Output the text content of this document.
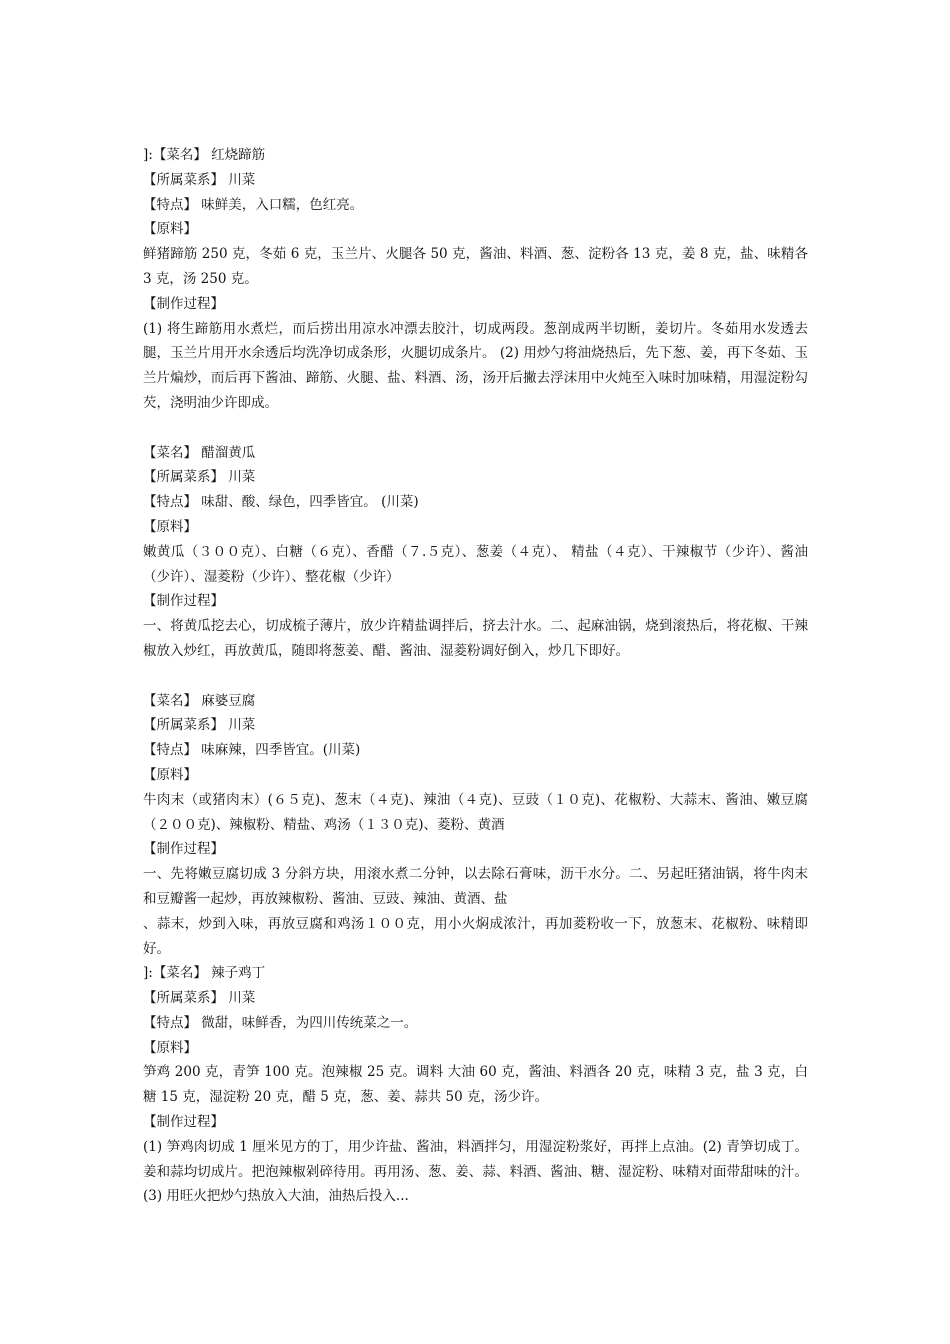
]:【菜名】 红烧蹄筋
【所属菜系】 川菜
【特点】 味鲜美，入口糯，色红亮。
【原料】
鲜猪蹄筋 250 克，冬茹 6 克，玉兰片、火腿各 50 克，酱油、料酒、葱、淀粉各 13 克，姜 8 克，盐、味精各 3 克，汤 250 克。
【制作过程】
(1) 将生蹄筋用水煮烂，而后捞出用凉水冲漂去胶汁，切成两段。葱剖成两半切断，姜切片。冬茹用水发透去腿，玉兰片用开水余透后均洗净切成条形，火腿切成条片。 (2) 用炒勺将油烧热后，先下葱、姜，再下冬茹、玉兰片煸炒，而后再下酱油、蹄筋、火腿、盐、料酒、汤，汤开后撇去浮沫用中火炖至入味时加味精，用湿淀粉勾芡，浇明油少许即成。
【菜名】 醋溜黄瓜
【所属菜系】 川菜
【特点】 味甜、酸、绿色，四季皆宜。 (川菜)
【原料】
嫩黄瓜（３００克）、白糖（６克）、香醋（７.５克）、葱姜（４克）、 精盐（４克）、干辣椒节（少许）、酱油（少许）、湿菱粉（少许）、整花椒（少许）
【制作过程】
一、将黄瓜挖去心，切成梳子薄片，放少许精盐调拌后，挤去汁水。二、起麻油锅，烧到滚热后，将花椒、干辣椒放入炒红，再放黄瓜，随即将葱姜、醋、酱油、湿菱粉调好倒入，炒几下即好。
【菜名】 麻婆豆腐
【所属菜系】 川菜
【特点】 味麻辣，四季皆宜。(川菜)
【原料】
牛肉末（或猪肉末）(６５克)、葱末（４克)、辣油（４克)、豆豉（１０克)、花椒粉、大蒜末、酱油、嫩豆腐（２００克)、辣椒粉、精盐、鸡汤（１３０克)、菱粉、黄酒
【制作过程】
一、先将嫩豆腐切成 3 分斜方块，用滚水煮二分钟，以去除石膏味，沥干水分。二、另起旺猪油锅，将牛肉末和豆瓣酱一起炒，再放辣椒粉、酱油、豆豉、辣油、黄酒、盐
、蒜末，炒到入味，再放豆腐和鸡汤１００克，用小火焖成浓汁，再加菱粉收一下，放葱末、花椒粉、味精即好。
]:【菜名】 辣子鸡丁
【所属菜系】 川菜
【特点】 微甜，味鲜香，为四川传统菜之一。
【原料】
笋鸡 200 克，青笋 100 克。泡辣椒 25 克。调料 大油 60 克，酱油、料酒各 20 克，味精 3 克，盐 3 克，白糖 15 克，湿淀粉 20 克，醋 5 克，葱、姜、蒜共 50 克，汤少许。
【制作过程】
(1) 笋鸡肉切成 1 厘米见方的丁，用少许盐、酱油，料酒拌匀，用湿淀粉浆好，再拌上点油。(2) 青笋切成丁。姜和蒜均切成片。把泡辣椒剁碎待用。再用汤、葱、姜、蒜、料酒、酱油、糖、湿淀粉、味精对面带甜味的汁。(3) 用旺火把炒勺热放入大油，油热后投入...
